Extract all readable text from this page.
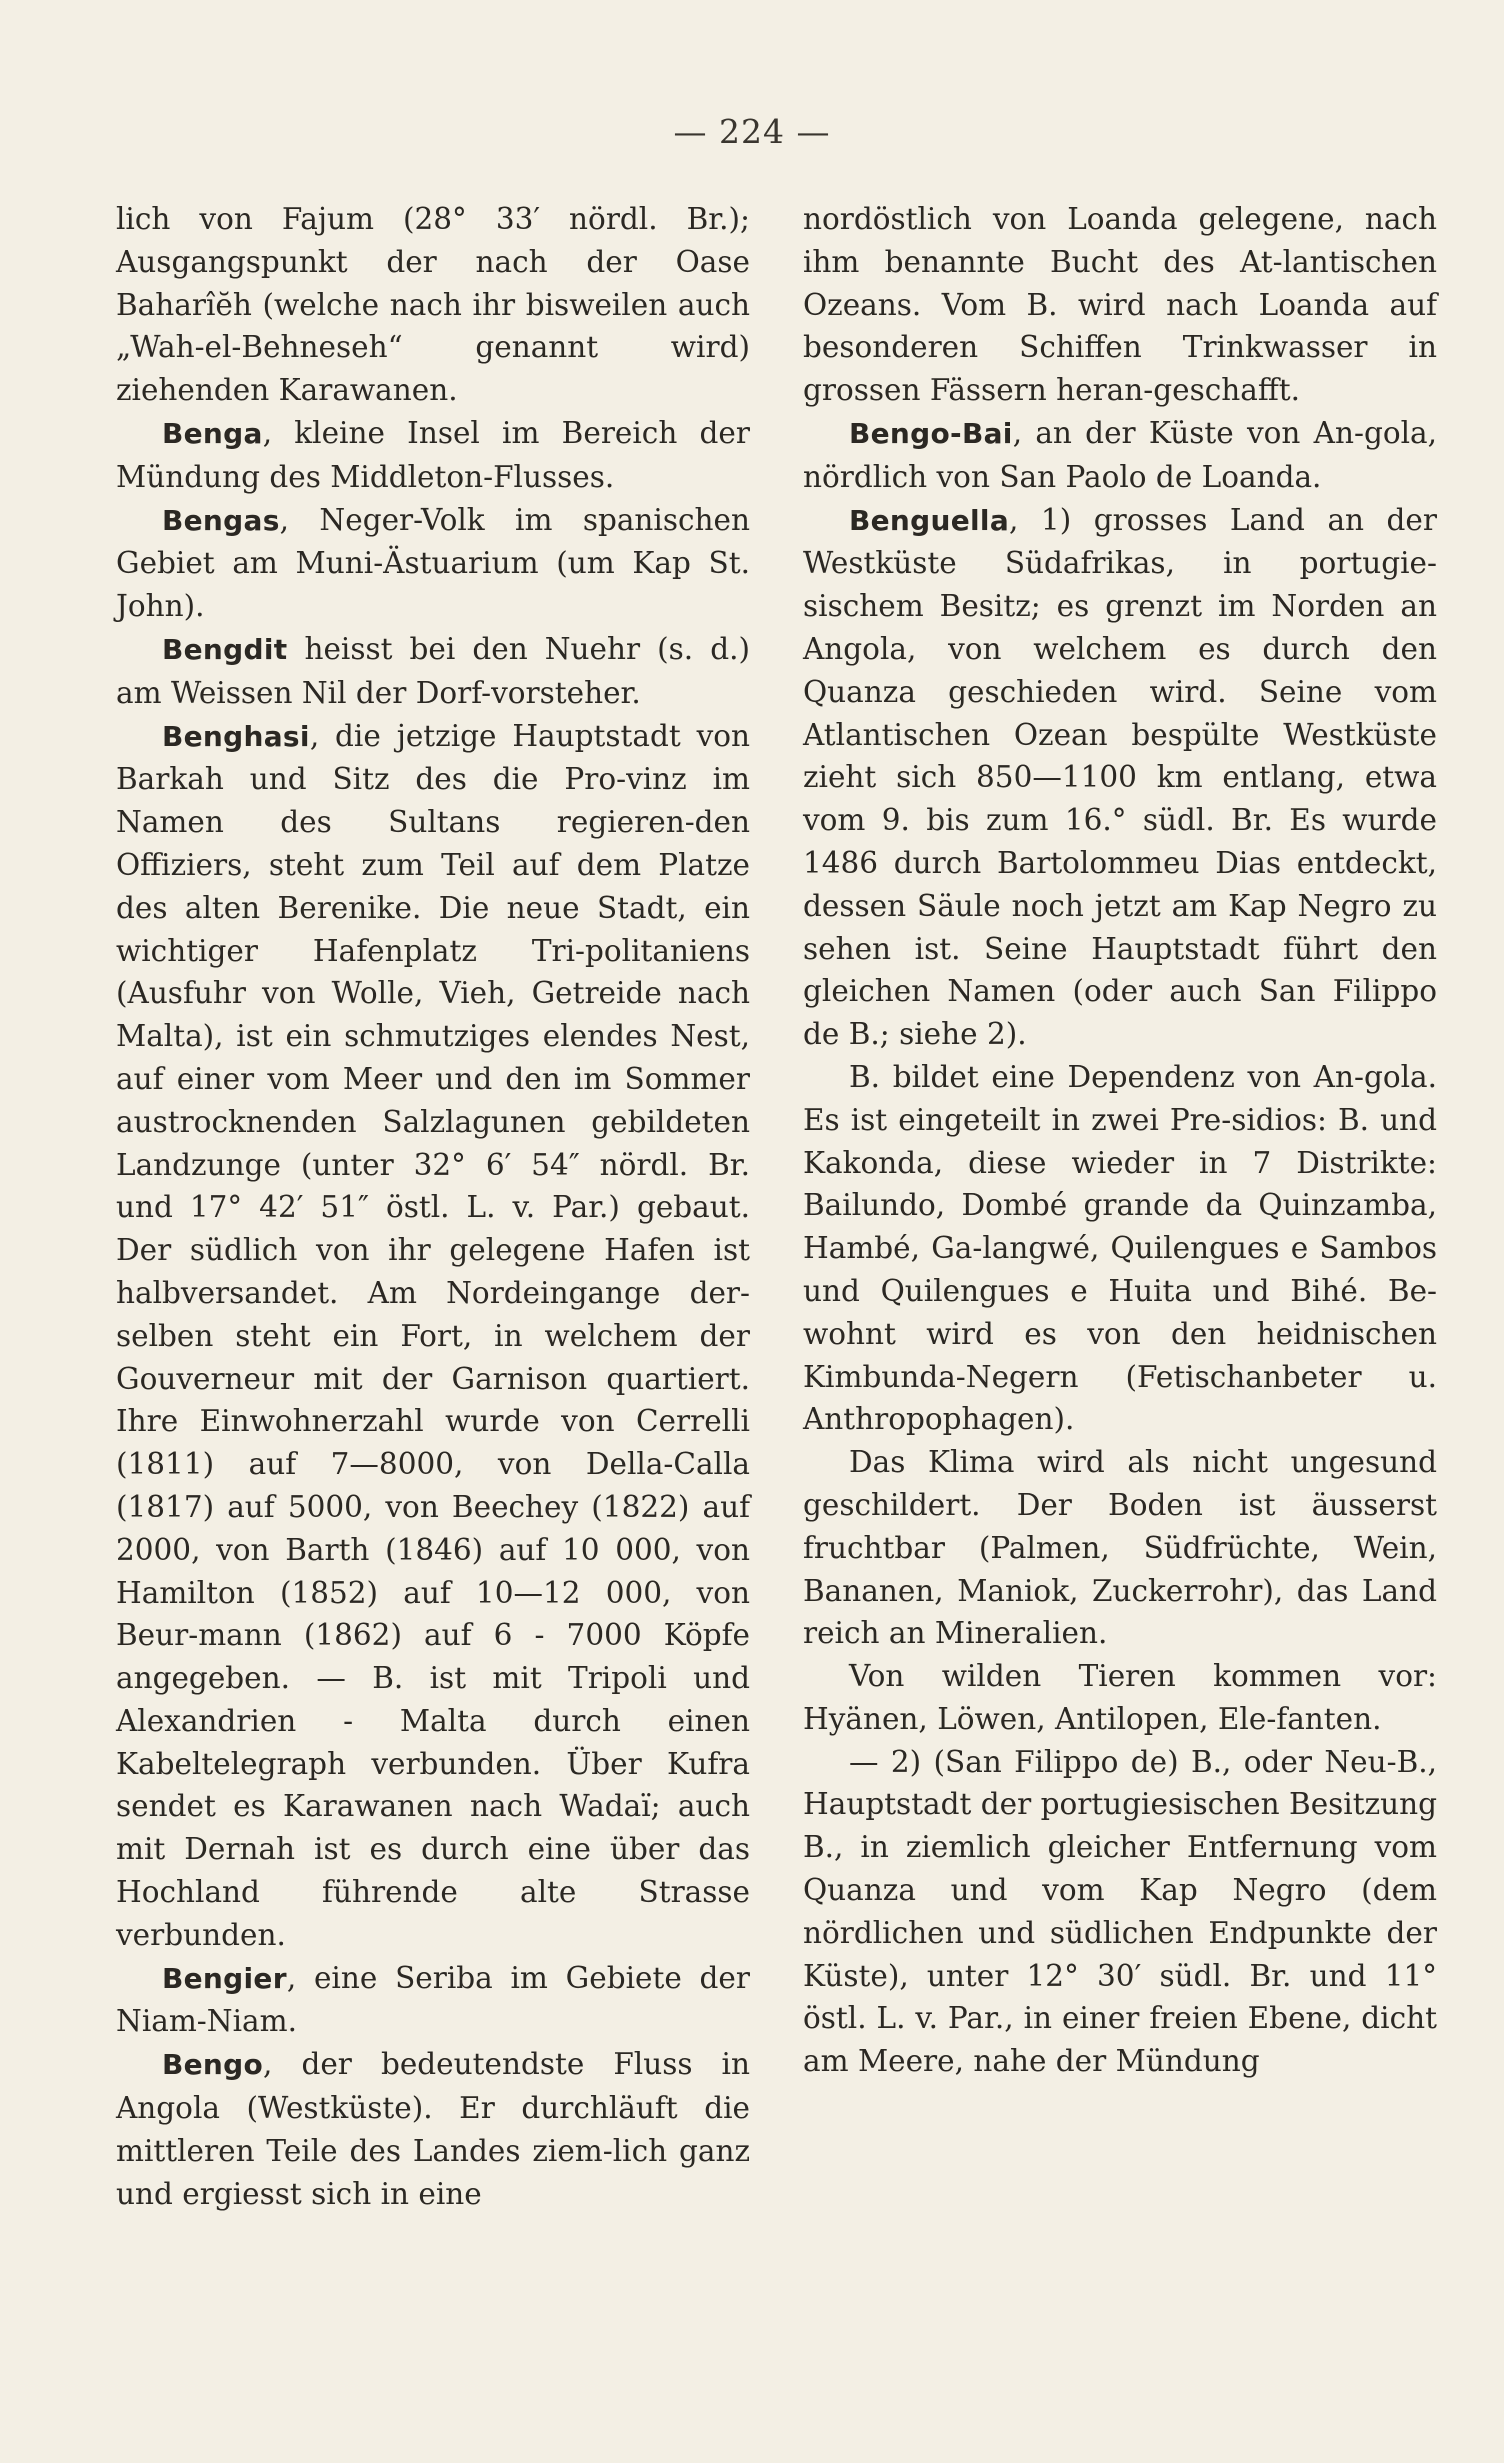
— 224 —

lich von Fajum (28° 33′ nördl. Br.); Ausgangspunkt der nach der Oase Baharîĕh (welche nach ihr bisweilen auch „Wah-el-Behneseh“ genannt wird) ziehenden Karawanen.

Benga, kleine Insel im Bereich der Mündung des Middleton-Flusses.

Bengas, Neger-Volk im spanischen Gebiet am Muni-Ästuarium (um Kap St. John).

Bengdit heisst bei den Nuehr (s. d.) am Weissen Nil der Dorf-vorsteher.

Benghasi, die jetzige Hauptstadt von Barkah und Sitz des die Pro-vinz im Namen des Sultans regieren-den Offiziers, steht zum Teil auf dem Platze des alten Berenike. Die neue Stadt, ein wichtiger Hafenplatz Tri-politaniens (Ausfuhr von Wolle, Vieh, Getreide nach Malta), ist ein schmutziges elendes Nest, auf einer vom Meer und den im Sommer austrocknenden Salzlagunen gebildeten Landzunge (unter 32° 6′ 54″ nördl. Br. und 17° 42′ 51″ östl. L. v. Par.) gebaut. Der südlich von ihr gelegene Hafen ist halbversandet. Am Nordeingange der-selben steht ein Fort, in welchem der Gouverneur mit der Garnison quartiert. Ihre Einwohnerzahl wurde von Cerrelli (1811) auf 7—8000, von Della-Calla (1817) auf 5000, von Beechey (1822) auf 2000, von Barth (1846) auf 10 000, von Hamilton (1852) auf 10—12 000, von Beur-mann (1862) auf 6 - 7000 Köpfe angegeben. — B. ist mit Tripoli und Alexandrien - Malta durch einen Kabeltelegraph verbunden. Über Kufra sendet es Karawanen nach Wadaï; auch mit Dernah ist es durch eine über das Hochland führende alte Strasse verbunden.

Bengier, eine Seriba im Gebiete der Niam-Niam.

Bengo, der bedeutendste Fluss in Angola (Westküste). Er durchläuft die mittleren Teile des Landes ziem-lich ganz und ergiesst sich in eine

nordöstlich von Loanda gelegene, nach ihm benannte Bucht des At-lantischen Ozeans. Vom B. wird nach Loanda auf besonderen Schiffen Trinkwasser in grossen Fässern heran-geschafft.

Bengo-Bai, an der Küste von An-gola, nördlich von San Paolo de Loanda.

Benguella, 1) grosses Land an der Westküste Südafrikas, in portugie-sischem Besitz; es grenzt im Norden an Angola, von welchem es durch den Quanza geschieden wird. Seine vom Atlantischen Ozean bespülte Westküste zieht sich 850—1100 km entlang, etwa vom 9. bis zum 16.° südl. Br. Es wurde 1486 durch Bartolommeu Dias entdeckt, dessen Säule noch jetzt am Kap Negro zu sehen ist. Seine Hauptstadt führt den gleichen Namen (oder auch San Filippo de B.; siehe 2).

B. bildet eine Dependenz von An-gola. Es ist eingeteilt in zwei Pre-sidios: B. und Kakonda, diese wieder in 7 Distrikte: Bailundo, Dombé grande da Quinzamba, Hambé, Ga-langwé, Quilengues e Sambos und Quilengues e Huita und Bihé. Be-wohnt wird es von den heidnischen Kimbunda-Negern (Fetischanbeter u. Anthropophagen).

Das Klima wird als nicht ungesund geschildert. Der Boden ist äusserst fruchtbar (Palmen, Südfrüchte, Wein, Bananen, Maniok, Zuckerrohr), das Land reich an Mineralien.

Von wilden Tieren kommen vor: Hyänen, Löwen, Antilopen, Ele-fanten.

— 2) (San Filippo de) B., oder Neu-B., Hauptstadt der portugiesischen Besitzung B., in ziemlich gleicher Entfernung vom Quanza und vom Kap Negro (dem nördlichen und südlichen Endpunkte der Küste), unter 12° 30′ südl. Br. und 11° östl. L. v. Par., in einer freien Ebene, dicht am Meere, nahe der Mündung
